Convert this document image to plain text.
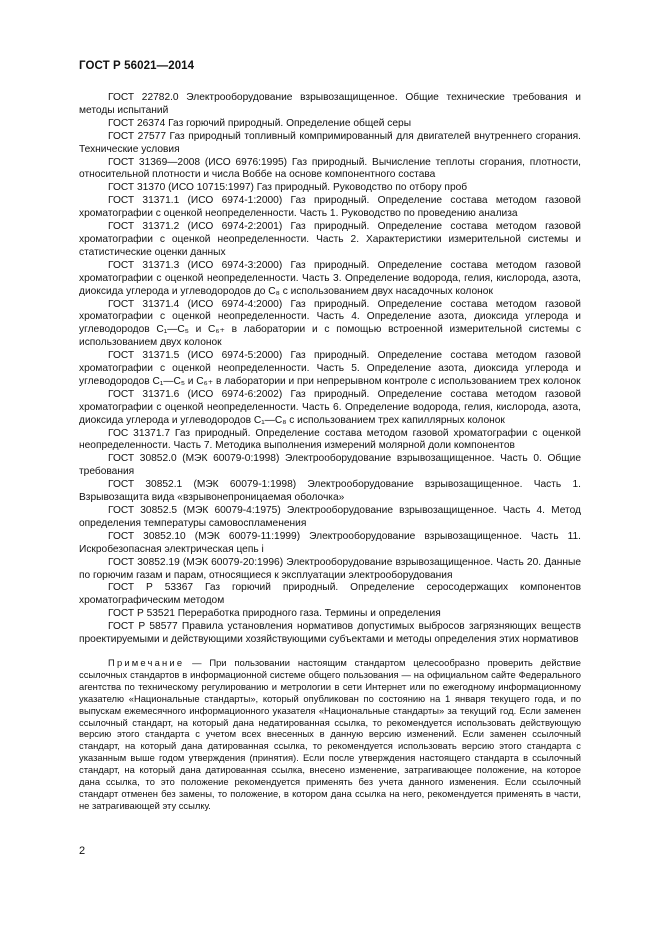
ГОСТ Р 56021—2014

ГОСТ 22782.0 Электрооборудование взрывозащищенное. Общие технические требования и методы испытаний

ГОСТ 26374 Газ горючий природный. Определение общей серы

ГОСТ 27577 Газ природный топливный компримированный для двигателей внутреннего сгорания. Технические условия

ГОСТ 31369—2008 (ИСО 6976:1995) Газ природный. Вычисление теплоты сгорания, плотности, относительной плотности и числа Воббе на основе компонентного состава

ГОСТ 31370 (ИСО 10715:1997) Газ природный. Руководство по отбору проб

ГОСТ 31371.1 (ИСО 6974-1:2000) Газ природный. Определение состава методом газовой хроматографии с оценкой неопределенности. Часть 1. Руководство по проведению анализа

ГОСТ 31371.2 (ИСО 6974-2:2001) Газ природный. Определение состава методом газовой хроматографии с оценкой неопределенности. Часть 2. Характеристики измерительной системы и статистические оценки данных

ГОСТ 31371.3 (ИСО 6974-3:2000) Газ природный. Определение состава методом газовой хроматографии с оценкой неопределенности. Часть 3. Определение водорода, гелия, кислорода, азота, диоксида углерода и углеводородов до C₈ с использованием двух насадочных колонок

ГОСТ 31371.4 (ИСО 6974-4:2000) Газ природный. Определение состава методом газовой хроматографии с оценкой неопределенности. Часть 4. Определение азота, диоксида углерода и углеводородов C₁—C₅ и C₆₊ в лаборатории и с помощью встроенной измерительной системы с использованием двух колонок

ГОСТ 31371.5 (ИСО 6974-5:2000) Газ природный. Определение состава методом газовой хроматографии с оценкой неопределенности. Часть 5. Определение азота, диоксида углерода и углеводородов C₁—C₅ и C₆₊ в лаборатории и при непрерывном контроле с использованием трех колонок

ГОСТ 31371.6 (ИСО 6974-6:2002) Газ природный. Определение состава методом газовой хроматографии с оценкой неопределенности. Часть 6. Определение водорода, гелия, кислорода, азота, диоксида углерода и углеводородов C₁—C₈ с использованием трех капиллярных колонок

ГОС 31371.7 Газ природный. Определение состава методом газовой хроматографии с оценкой неопределенности. Часть 7. Методика выполнения измерений молярной доли компонентов

ГОСТ 30852.0 (МЭК 60079-0:1998) Электрооборудование взрывозащищенное. Часть 0. Общие требования

ГОСТ 30852.1 (МЭК 60079-1:1998) Электрооборудование взрывозащищенное. Часть 1. Взрывозащита вида «взрывонепроницаемая оболочка»

ГОСТ 30852.5 (МЭК 60079-4:1975) Электрооборудование взрывозащищенное. Часть 4. Метод определения температуры самовоспламенения

ГОСТ 30852.10 (МЭК 60079-11:1999) Электрооборудование взрывозащищенное. Часть 11. Искробезопасная электрическая цепь i

ГОСТ 30852.19 (МЭК 60079-20:1996) Электрооборудование взрывозащищенное. Часть 20. Данные по горючим газам и парам, относящиеся к эксплуатации электрооборудования

ГОСТ Р 53367 Газ горючий природный. Определение серосодержащих компонентов хроматографическим методом

ГОСТ Р 53521 Переработка природного газа. Термины и определения

ГОСТ Р 58577 Правила установления нормативов допустимых выбросов загрязняющих веществ проектируемыми и действующими хозяйствующими субъектами и методы определения этих нормативов

Примечание — При пользовании настоящим стандартом целесообразно проверить действие ссылочных стандартов в информационной системе общего пользования — на официальном сайте Федерального агентства по техническому регулированию и метрологии в сети Интернет или по ежегодному информационному указателю «Национальные стандарты», который опубликован по состоянию на 1 января текущего года, и по выпускам ежемесячного информационного указателя «Национальные стандарты» за текущий год. Если заменен ссылочный стандарт, на который дана недатированная ссылка, то рекомендуется использовать действующую версию этого стандарта с учетом всех внесенных в данную версию изменений. Если заменен ссылочный стандарт, на который дана датированная ссылка, то рекомендуется использовать версию этого стандарта с указанным выше годом утверждения (принятия). Если после утверждения настоящего стандарта в ссылочный стандарт, на который дана датированная ссылка, внесено изменение, затрагивающее положение, на которое дана ссылка, то это положение рекомендуется применять без учета данного изменения. Если ссылочный стандарт отменен без замены, то положение, в котором дана ссылка на него, рекомендуется применять в части, не затрагивающей эту ссылку.

2
